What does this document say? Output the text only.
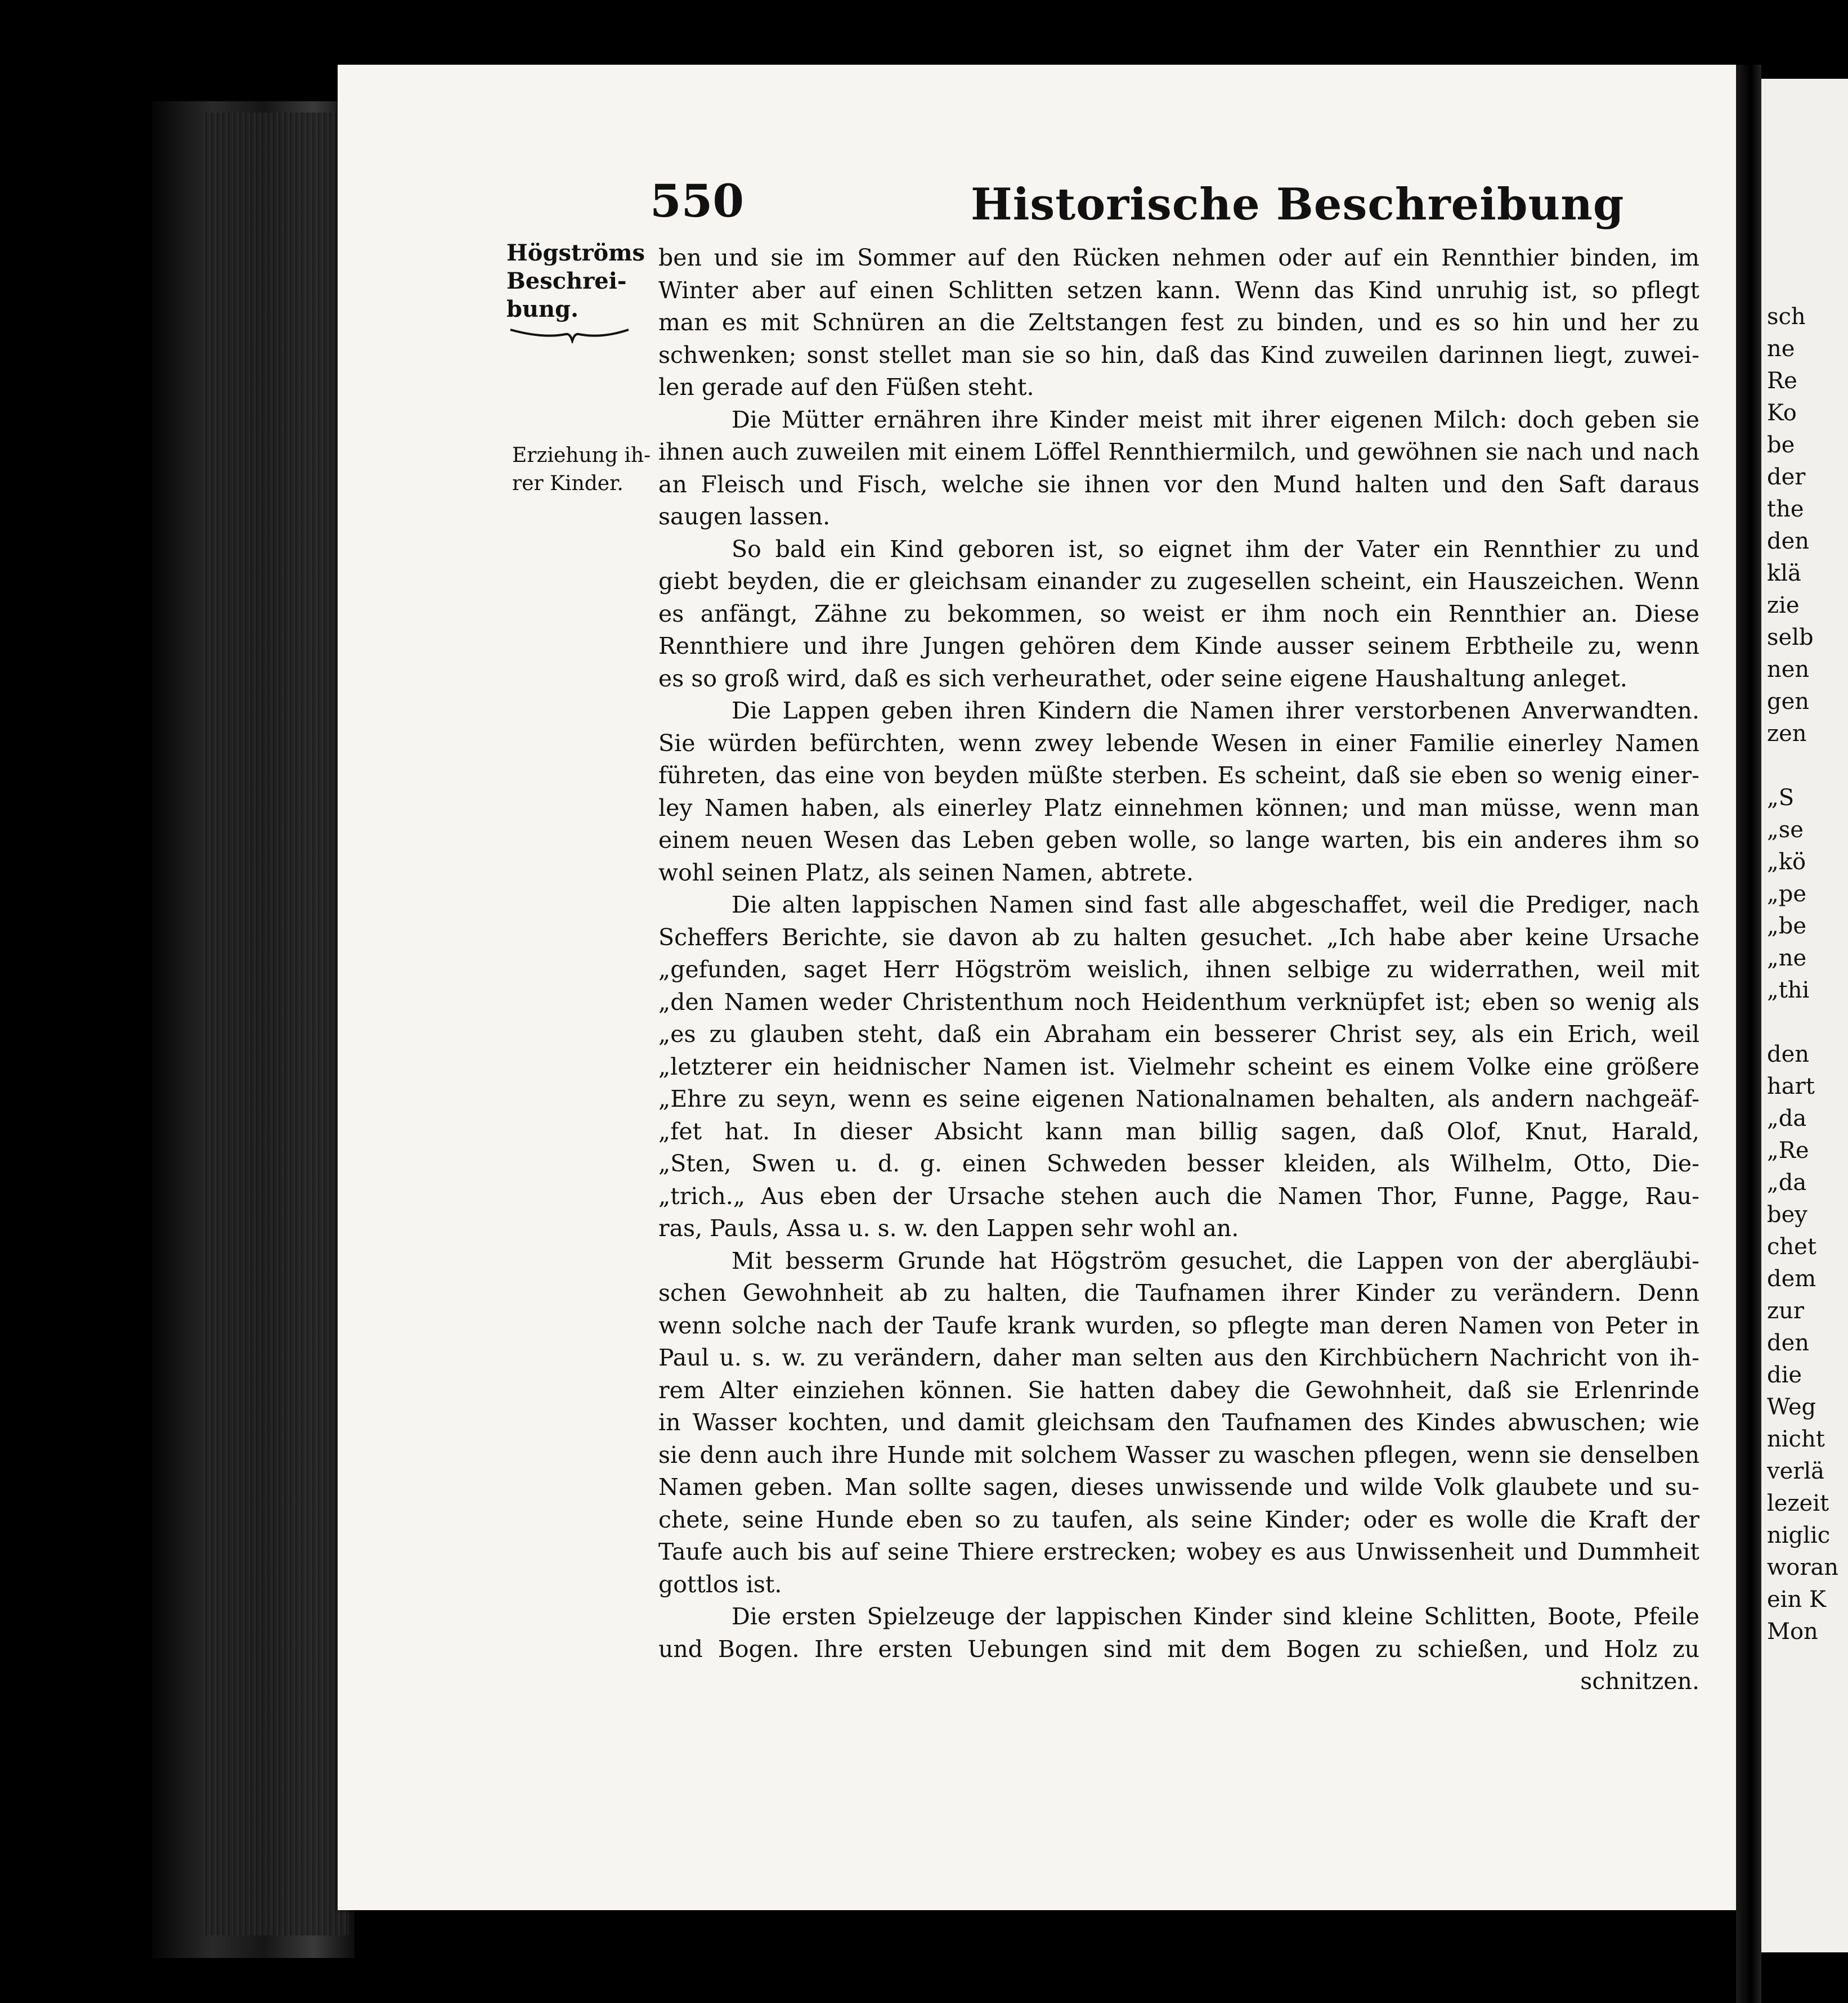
sch
ne
Re
Ko
be
der
the
den
klä
zie
selb
nen
gen
zen
„S
„se
„kö
„pe
„be
„ne
„thi
den
hart
„da
„Re
„da
bey
chet
dem
zur
den
die
Weg
nicht
verlä
lezeit
niglic
woran
ein K
Mon
550	Historische Beschreibung
Högströms
Beschrei-
bung.
Erziehung ih-
rer Kinder.
ben und sie im Sommer auf den Rücken nehmen oder auf ein Rennthier binden, im
Winter aber auf einen Schlitten setzen kann. Wenn das Kind unruhig ist, so pflegt
man es mit Schnüren an die Zeltstangen fest zu binden, und es so hin und her zu
schwenken; sonst stellet man sie so hin, daß das Kind zuweilen darinnen liegt, zuwei-
len gerade auf den Füßen steht.
Die Mütter ernähren ihre Kinder meist mit ihrer eigenen Milch: doch geben sie
ihnen auch zuweilen mit einem Löffel Rennthiermilch, und gewöhnen sie nach und nach
an Fleisch und Fisch, welche sie ihnen vor den Mund halten und den Saft daraus
saugen lassen.
So bald ein Kind geboren ist, so eignet ihm der Vater ein Rennthier zu und
giebt beyden, die er gleichsam einander zu zugesellen scheint, ein Hauszeichen. Wenn
es anfängt, Zähne zu bekommen, so weist er ihm noch ein Rennthier an. Diese
Rennthiere und ihre Jungen gehören dem Kinde ausser seinem Erbtheile zu, wenn
es so groß wird, daß es sich verheurathet, oder seine eigene Haushaltung anleget.
Die Lappen geben ihren Kindern die Namen ihrer verstorbenen Anverwandten.
Sie würden befürchten, wenn zwey lebende Wesen in einer Familie einerley Namen
führeten, das eine von beyden müßte sterben. Es scheint, daß sie eben so wenig einer-
ley Namen haben, als einerley Platz einnehmen können; und man müsse, wenn man
einem neuen Wesen das Leben geben wolle, so lange warten, bis ein anderes ihm so
wohl seinen Platz, als seinen Namen, abtrete.
Die alten lappischen Namen sind fast alle abgeschaffet, weil die Prediger, nach
Scheffers Berichte, sie davon ab zu halten gesuchet. „Ich habe aber keine Ursache
„gefunden, saget Herr Högström weislich, ihnen selbige zu widerrathen, weil mit
„den Namen weder Christenthum noch Heidenthum verknüpfet ist; eben so wenig als
„es zu glauben steht, daß ein Abraham ein besserer Christ sey, als ein Erich, weil
„letzterer ein heidnischer Namen ist. Vielmehr scheint es einem Volke eine größere
„Ehre zu seyn, wenn es seine eigenen Nationalnamen behalten, als andern nachgeäf-
„fet hat. In dieser Absicht kann man billig sagen, daß Olof, Knut, Harald,
„Sten, Swen u. d. g. einen Schweden besser kleiden, als Wilhelm, Otto, Die-
„trich.„ Aus eben der Ursache stehen auch die Namen Thor, Funne, Pagge, Rau-
ras, Pauls, Assa u. s. w. den Lappen sehr wohl an.
Mit besserm Grunde hat Högström gesuchet, die Lappen von der abergläubi-
schen Gewohnheit ab zu halten, die Taufnamen ihrer Kinder zu verändern. Denn
wenn solche nach der Taufe krank wurden, so pflegte man deren Namen von Peter in
Paul u. s. w. zu verändern, daher man selten aus den Kirchbüchern Nachricht von ih-
rem Alter einziehen können. Sie hatten dabey die Gewohnheit, daß sie Erlenrinde
in Wasser kochten, und damit gleichsam den Taufnamen des Kindes abwuschen; wie
sie denn auch ihre Hunde mit solchem Wasser zu waschen pflegen, wenn sie denselben
Namen geben. Man sollte sagen, dieses unwissende und wilde Volk glaubete und su-
chete, seine Hunde eben so zu taufen, als seine Kinder; oder es wolle die Kraft der
Taufe auch bis auf seine Thiere erstrecken; wobey es aus Unwissenheit und Dummheit
gottlos ist.
Die ersten Spielzeuge der lappischen Kinder sind kleine Schlitten, Boote, Pfeile
und Bogen. Ihre ersten Uebungen sind mit dem Bogen zu schießen, und Holz zu
schnitzen.
